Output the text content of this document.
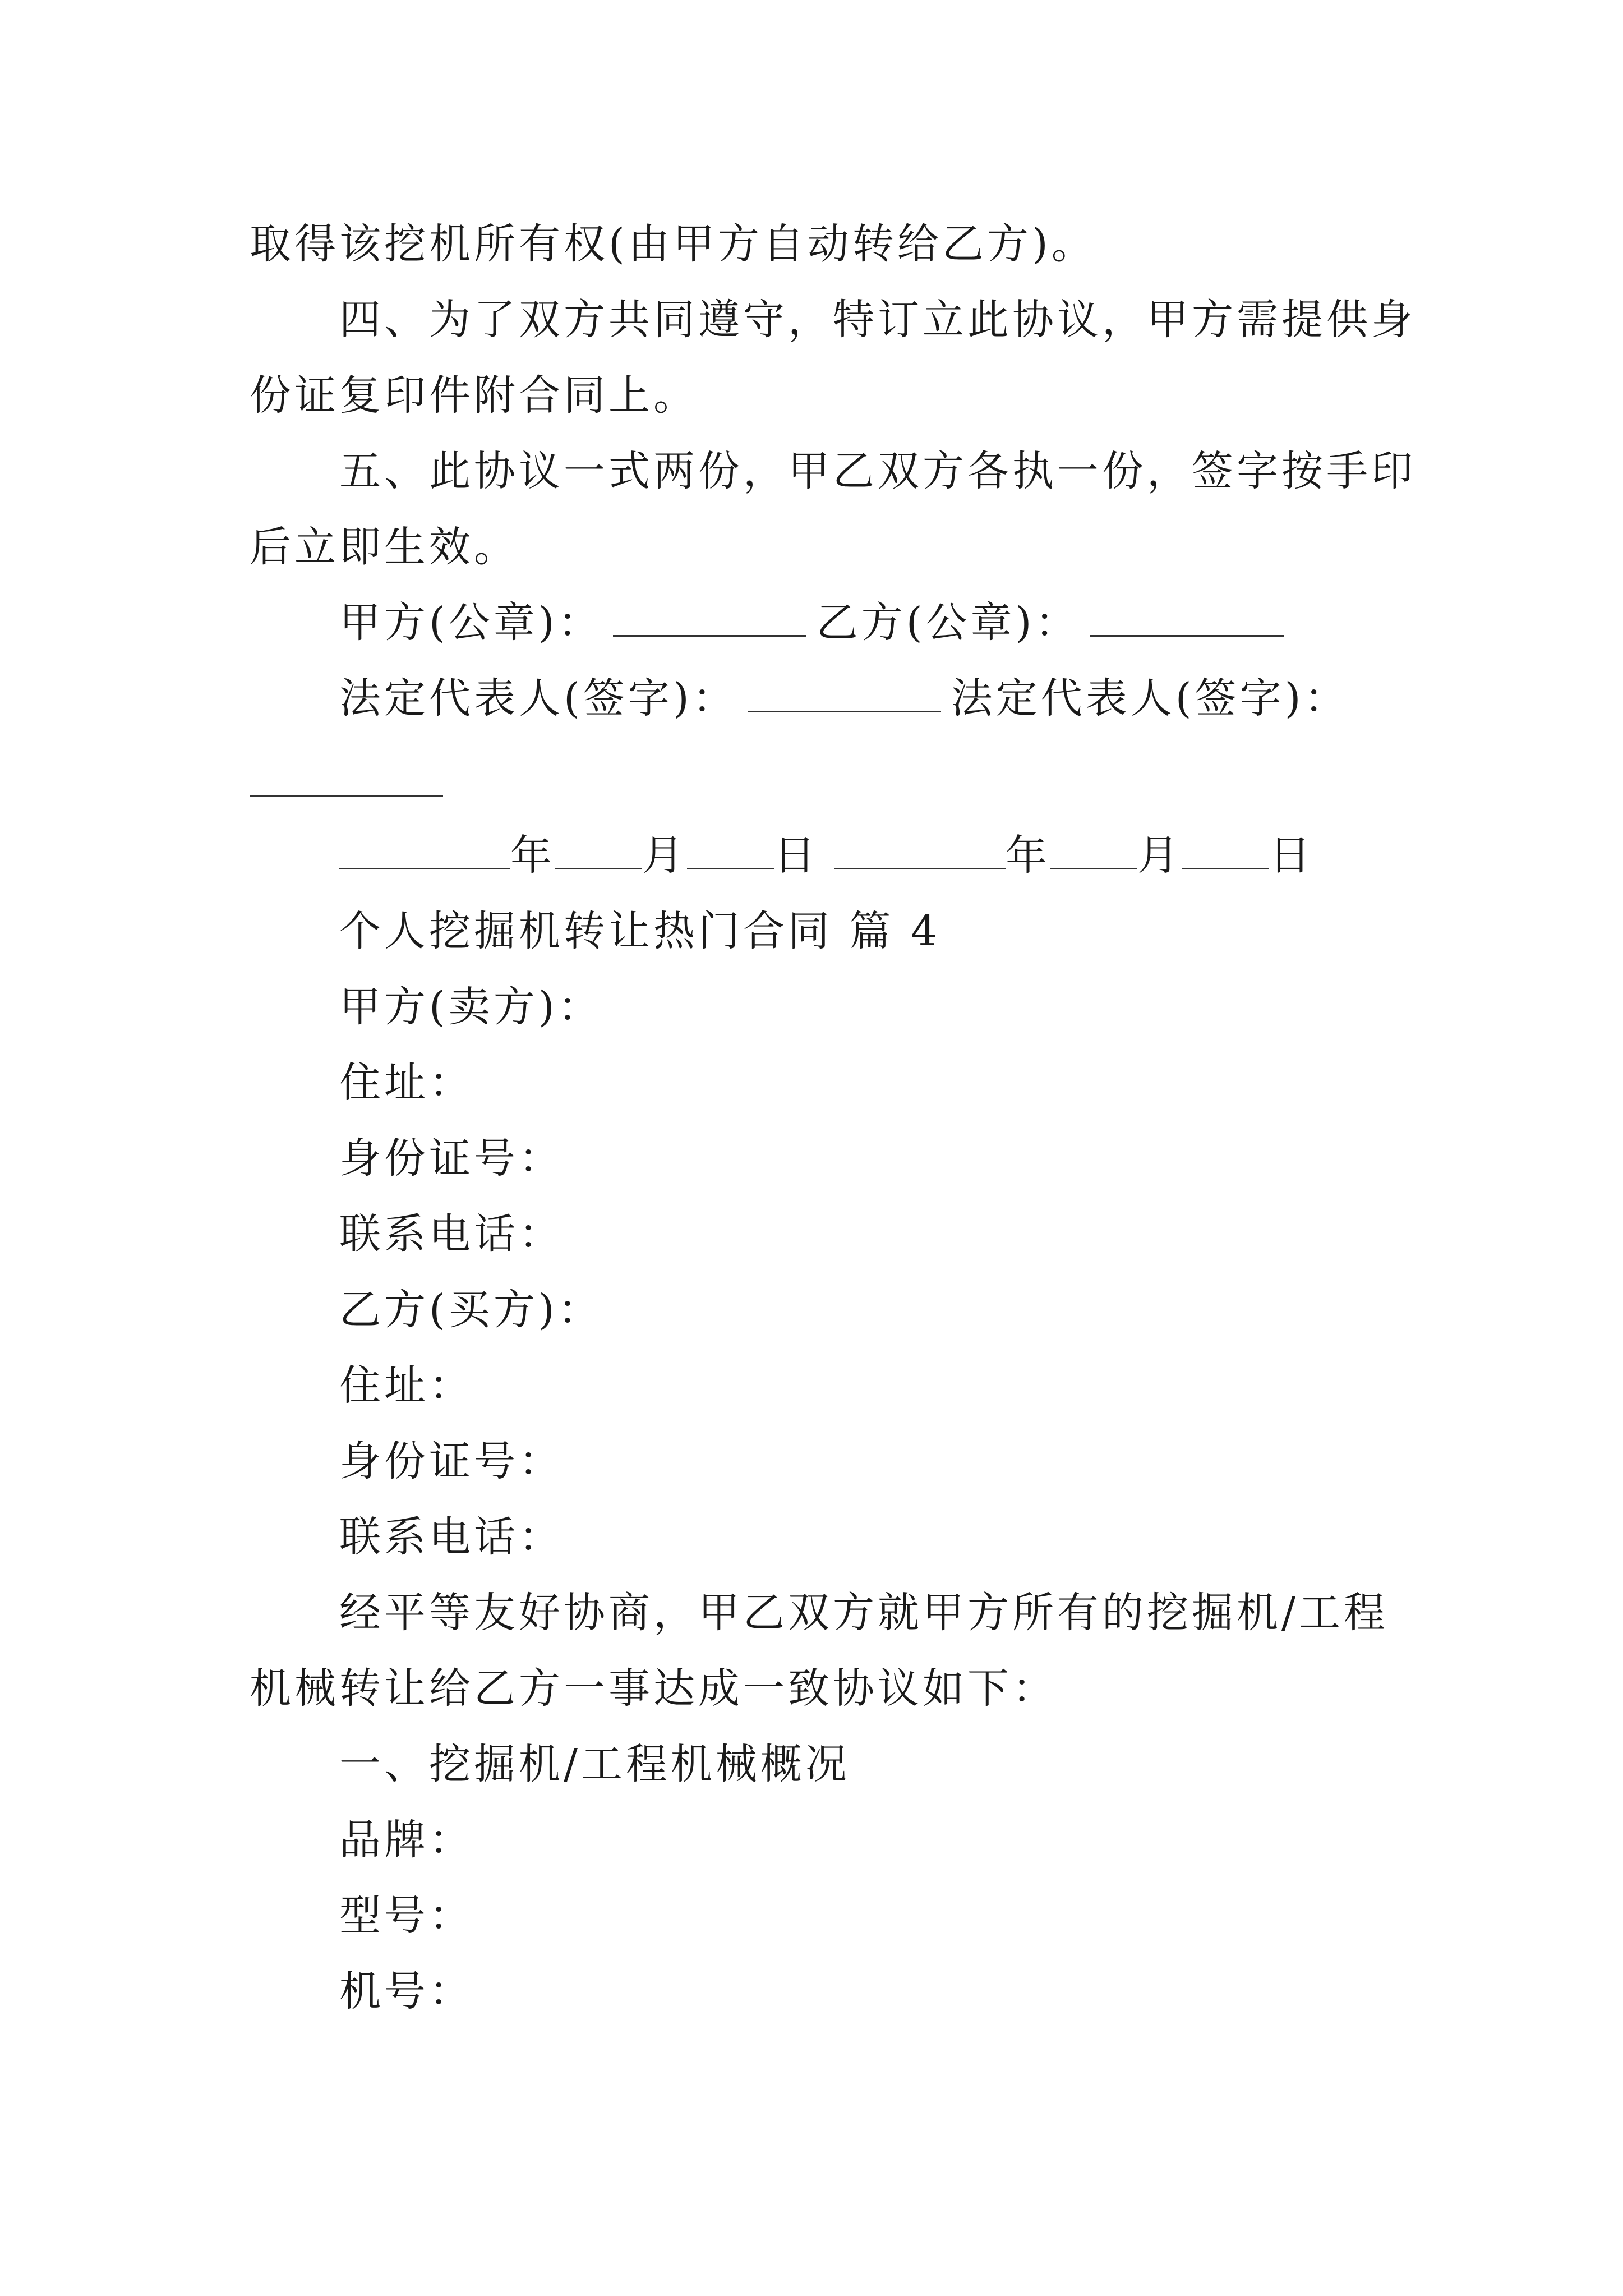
取得该挖机所有权(由甲方自动转给乙方)。
四、为了双方共同遵守，特订立此协议，甲方需提供身
份证复印件附合同上。
五、此协议一式两份，甲乙双方各执一份，签字按手印
后立即生效。
甲方(公章)：	乙方(公章)：
法定代表人(签字)：	法定代表人(签字)：
年 月 日	年 月 日
个人挖掘机转让热门合同 篇 4
甲方(卖方)：
住址：
身份证号：
联系电话：
乙方(买方)：
住址：
身份证号：
联系电话：
经平等友好协商，甲乙双方就甲方所有的挖掘机/工程
机械转让给乙方一事达成一致协议如下：
一、挖掘机/工程机械概况
品牌：
型号：
机号：
